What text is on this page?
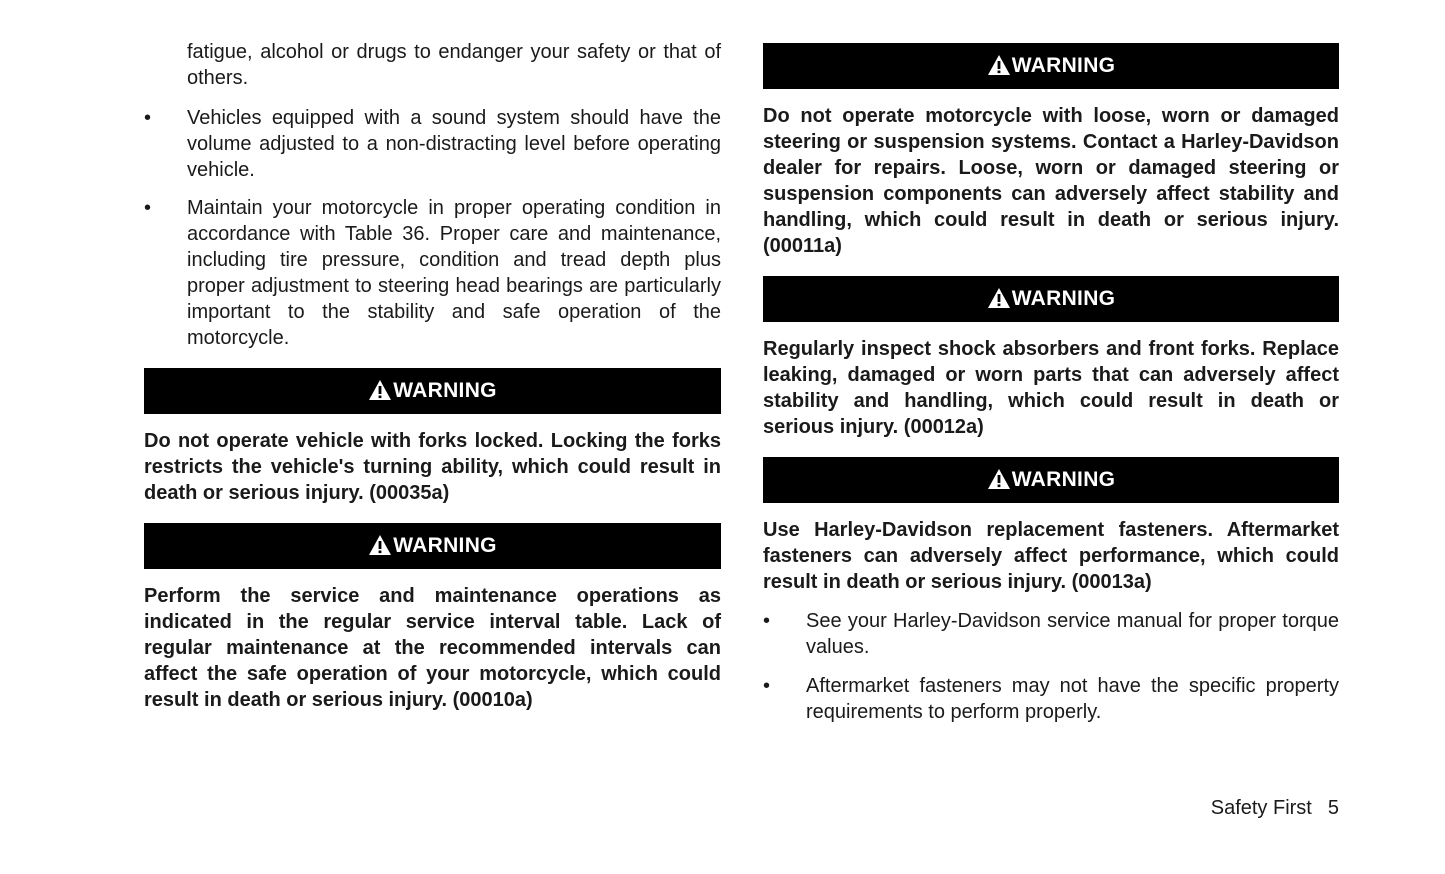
fatigue, alcohol or drugs to endanger your safety or that of others.
• Vehicles equipped with a sound system should have the volume adjusted to a non-distracting level before operating vehicle.
• Maintain your motorcycle in proper operating condition in accordance with Table 36. Proper care and maintenance, including tire pressure, condition and tread depth plus proper adjustment to steering head bearings are particularly important to the stability and safe operation of the motorcycle.
WARNING

Do not operate vehicle with forks locked. Locking the forks restricts the vehicle's turning ability, which could result in death or serious injury. (00035a)

WARNING

Perform the service and maintenance operations as indicated in the regular service interval table. Lack of regular maintenance at the recommended intervals can affect the safe operation of your motorcycle, which could result in death or serious injury. (00010a)

WARNING

Do not operate motorcycle with loose, worn or damaged steering or suspension systems. Contact a Harley-Davidson dealer for repairs. Loose, worn or damaged steering or suspension components can adversely affect stability and handling, which could result in death or serious injury. (00011a)

WARNING

Regularly inspect shock absorbers and front forks. Replace leaking, damaged or worn parts that can adversely affect stability and handling, which could result in death or serious injury. (00012a)

WARNING

Use Harley-Davidson replacement fasteners. Aftermarket fasteners can adversely affect performance, which could result in death or serious injury. (00013a)

• See your Harley-Davidson service manual for proper torque values.
• Aftermarket fasteners may not have the specific property requirements to perform properly.
Safety First 5
